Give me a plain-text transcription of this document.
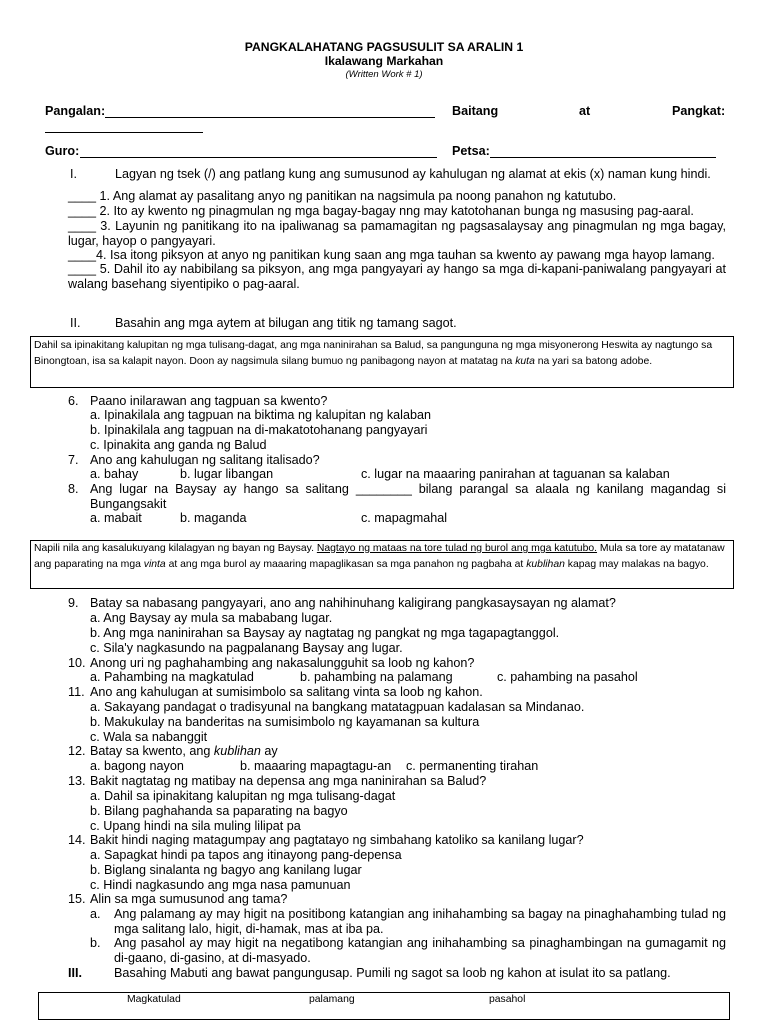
PANGKALAHATANG PAGSUSULIT SA ARALIN 1
Ikalawang Markahan
(Written Work # 1)
Pangalan:	Baitang	at	Pangkat:
Guro:	Petsa:
I.	Lagyan ng tsek (/) ang patlang kung ang sumusunod ay kahulugan ng alamat at ekis (x) naman kung hindi.
____ 1. Ang alamat ay pasalitang anyo ng panitikan na nagsimula pa noong panahon ng katutubo.
____ 2. Ito ay kwento ng pinagmulan ng mga bagay-bagay nng may katotohanan bunga ng masusing pag-aaral.
____ 3. Layunin ng panitikang ito na ipaliwanag sa pamamagitan ng pagsasalaysay ang pinagmulan ng mga bagay, lugar, hayop o pangyayari.
____4. Isa itong piksyon at anyo ng panitikan kung saan ang mga tauhan sa kwento ay pawang mga hayop lamang.
____ 5. Dahil ito ay nabibilang sa piksyon, ang mga pangyayari ay hango sa mga di-kapani-paniwalang pangyayari at walang basehang siyentipiko o pag-aaral.
II.	Basahin ang mga aytem at bilugan ang titik ng tamang sagot.
Dahil sa ipinakitang kalupitan ng mga tulisang-dagat, ang mga naninirahan sa Balud, sa pangunguna ng mga misyonerong Heswita ay nagtungo sa Binongtoan, isa sa kalapit nayon. Doon ay nagsimula silang bumuo ng panibagong nayon at matatag na kuta na yari sa batong adobe.
6. Paano inilarawan ang tagpuan sa kwento?
a. Ipinakilala ang tagpuan na biktima ng kalupitan ng kalaban
b. Ipinakilala ang tagpuan na di-makatotohanang pangyayari
c. Ipinakita ang ganda ng Balud
7. Ano ang kahulugan ng salitang italisado?
a. bahay	b. lugar libangan	c. lugar na maaaring panirahan at taguanan sa kalaban
8. Ang lugar na Baysay ay hango sa salitang ________ bilang parangal sa alaala ng kanilang magandag si Bungangsakit
a. mabait	b. maganda	c. mapagmahal
Napili nila ang kasalukuyang kilalagyan ng bayan ng Baysay. Nagtayo ng mataas na tore tulad ng burol ang mga katutubo. Mula sa tore ay matatanaw ang paparating na mga vinta at ang mga burol ay maaaring mapaglikasan sa mga panahon ng pagbaha at kublihan kapag may malakas na bagyo.
9. Batay sa nabasang pangyayari, ano ang nahihinuhang kaligirang pangkasaysayan ng alamat?
a. Ang Baysay ay mula sa mababang lugar.
b. Ang mga naninirahan sa Baysay ay nagtatag ng pangkat ng mga tagapagtanggol.
c. Sila'y nagkasundo na pagpalanang Baysay ang lugar.
10. Anong uri ng paghahambing ang nakasalungguhit sa loob ng kahon?
a. Pahambing na magkatulad	b. pahambing na palamang	c. pahambing na pasahol
11. Ano ang kahulugan at sumisimbolo sa salitang vinta sa loob ng kahon.
a. Sakayang pandagat o tradisyunal na bangkang matatagpuan kadalasan sa Mindanao.
b. Makukulay na banderitas na sumisimbolo ng kayamanan sa kultura
c. Wala sa nabanggit
12. Batay sa kwento, ang kublihan ay
a. bagong nayon	b. maaaring mapagtagu-an c. permanenting tirahan
13. Bakit nagtatag ng matibay na depensa ang mga naninirahan sa Balud?
a. Dahil sa ipinakitang kalupitan ng mga tulisang-dagat
b. Bilang paghahanda sa paparating na bagyo
c. Upang hindi na sila muling lilipat pa
14. Bakit hindi naging matagumpay ang pagtatayo ng simbahang katoliko sa kanilang lugar?
a. Sapagkat hindi pa tapos ang itinayong pang-depensa
b. Biglang sinalanta ng bagyo ang kanilang lugar
c. Hindi nagkasundo ang mga nasa pamunuan
15. Alin sa mga sumusunod ang tama?
a. Ang palamang ay may higit na positibong katangian ang inihahambing sa bagay na pinaghahambing tulad ng mga salitang lalo, higit, di-hamak, mas at iba pa.
b. Ang pasahol ay may higit na negatibong katangian ang inihahambing sa pinaghambingan na gumagamit ng di-gaano, di-gasino, at di-masyado.
III.	Basahing Mabuti ang bawat pangungusap. Pumili ng sagot sa loob ng kahon at isulat ito sa patlang.
Magkatulad	palamang	pasahol
